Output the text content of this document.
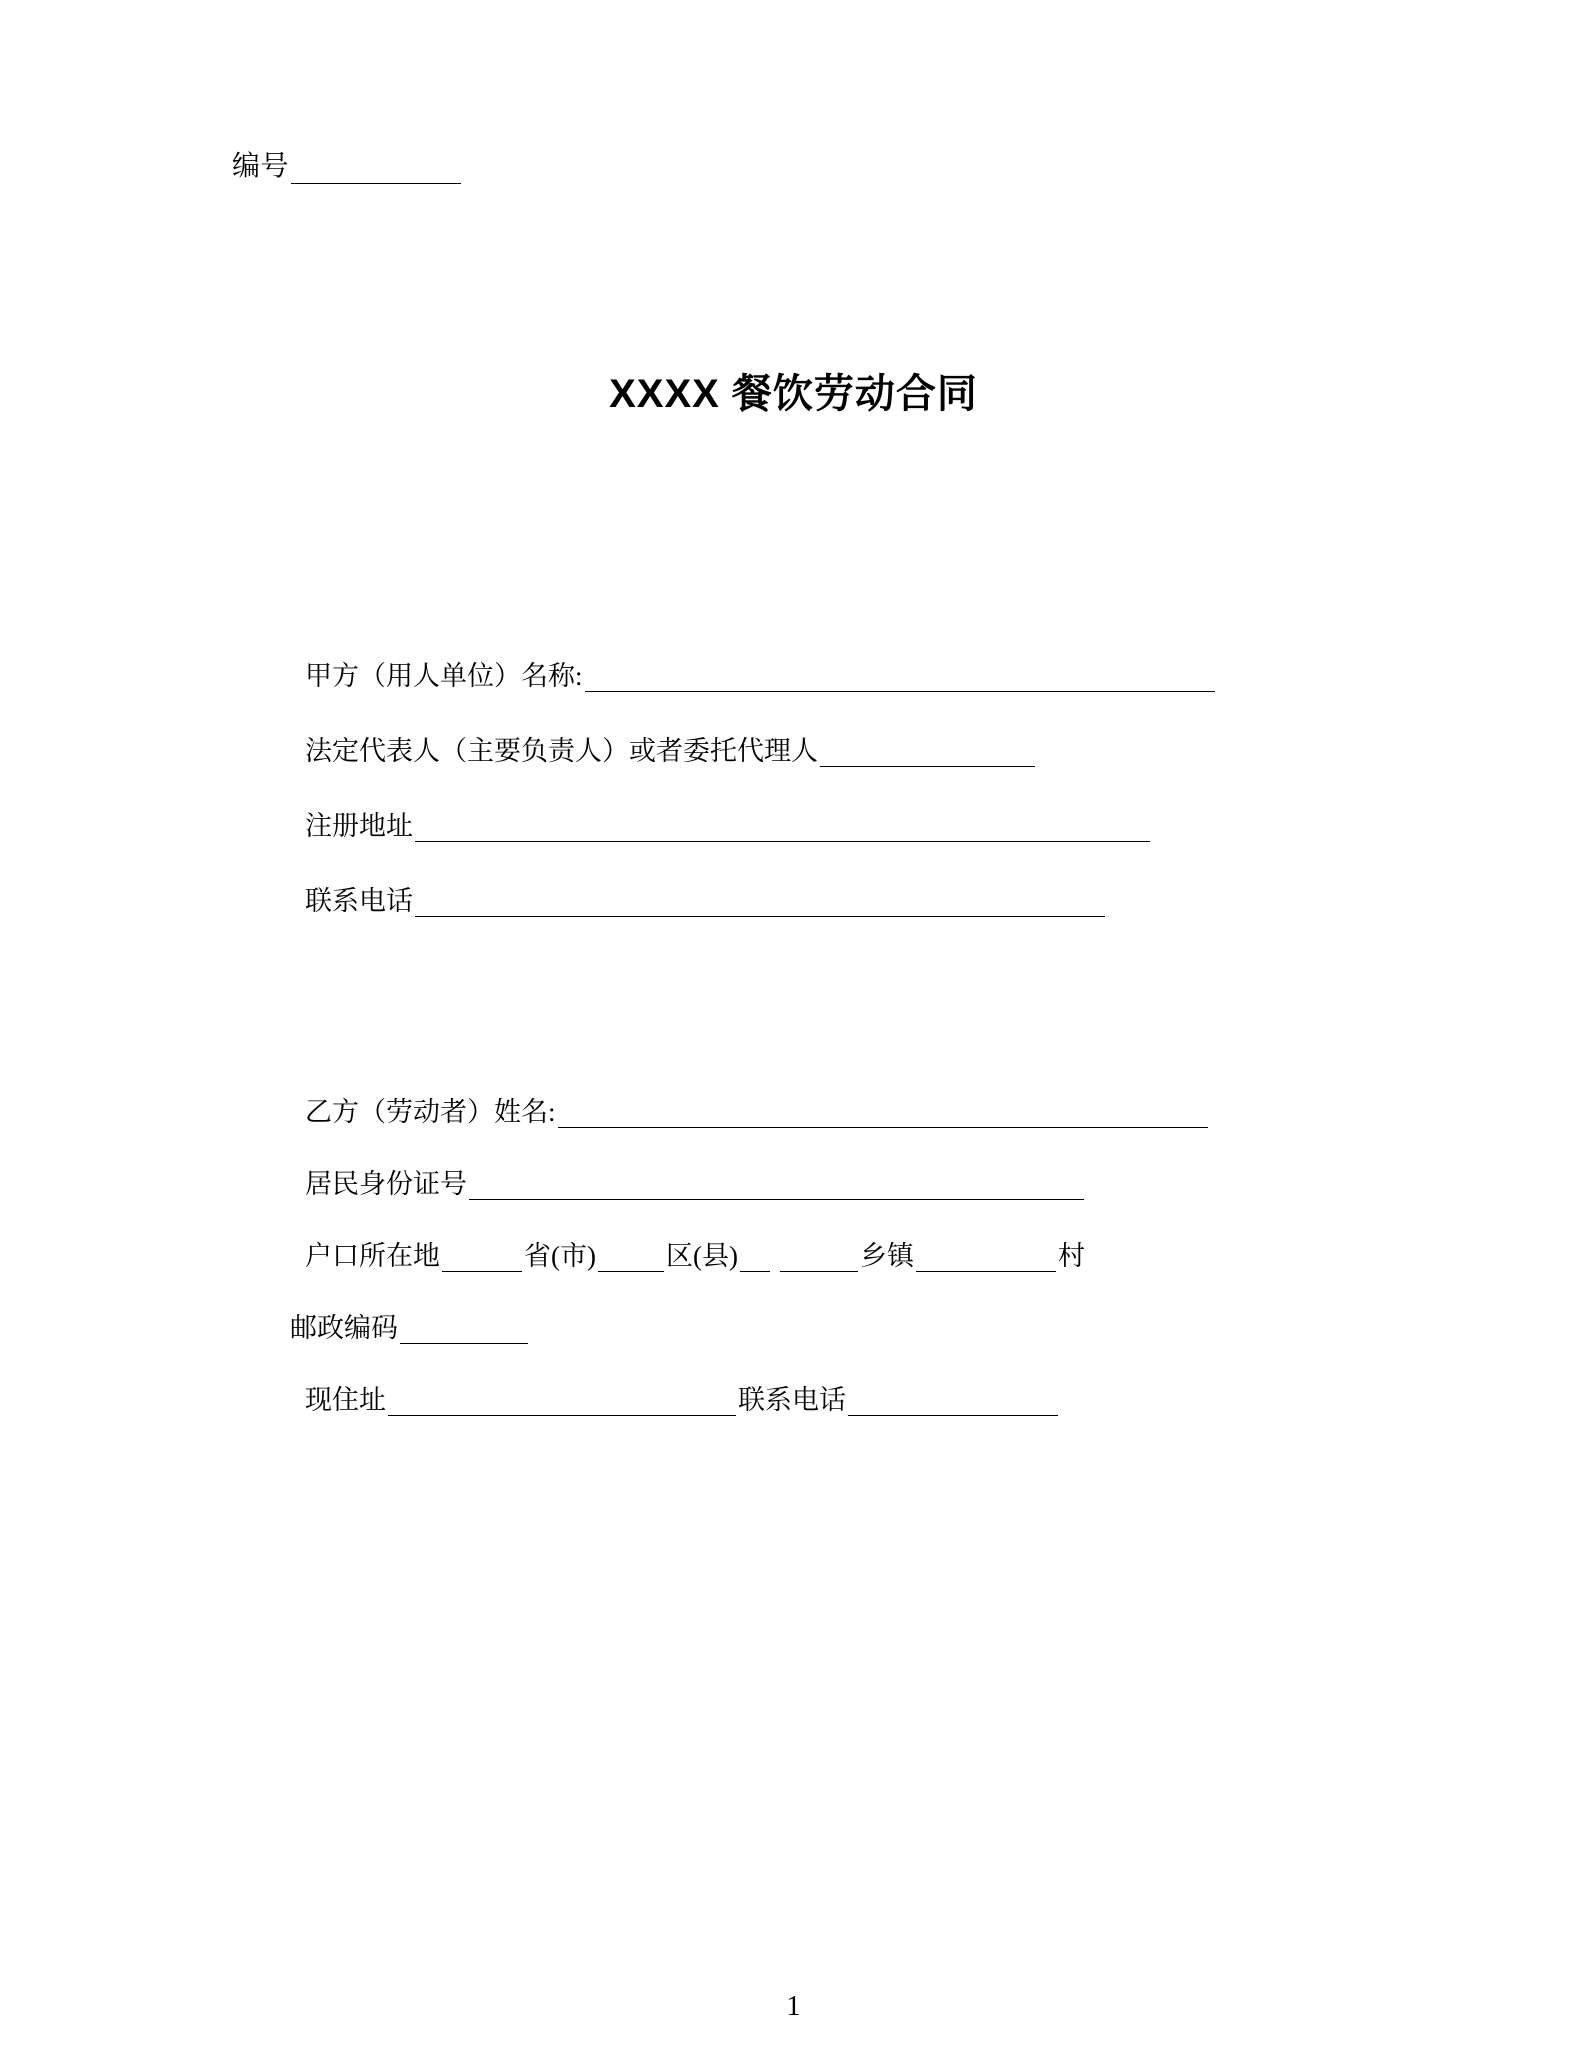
编号
XXXX 餐饮劳动合同
甲方（用人单位）名称:
法定代表人（主要负责人）或者委托代理人
注册地址
联系电话
乙方（劳动者）姓名:
居民身份证号
户口所在地	省(市)	区(县)	乡镇	村
邮政编码
现住址	联系电话
1
